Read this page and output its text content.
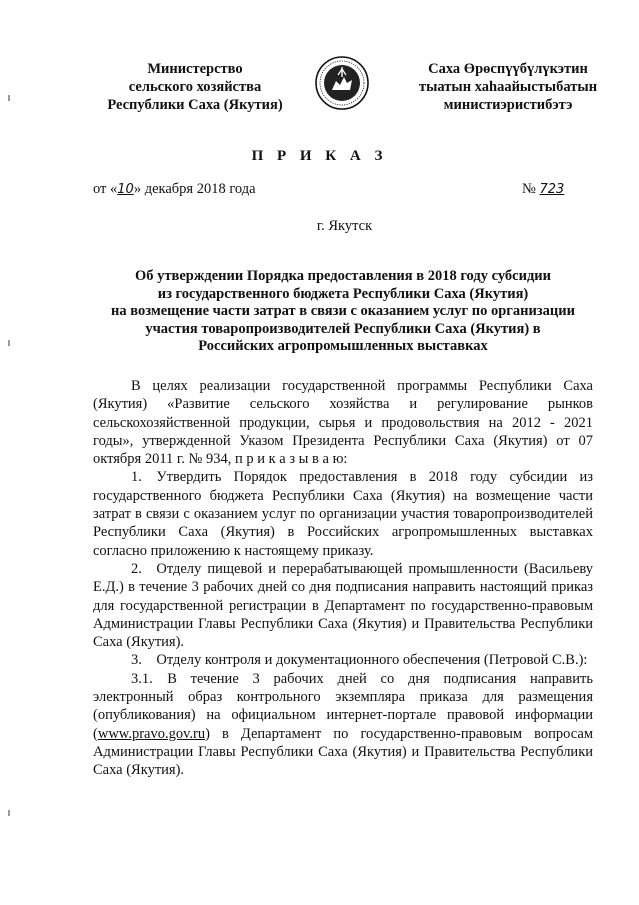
Министерство
сельского хозяйства
Республики Саха (Якутия)
Саха Өрөспүүбүлүкэтин
тыатын хаһаайыстыбатын
министиэристибэтэ
П Р И К А З
от «10» декабря 2018 года	№ 723
г. Якутск
Об утверждении Порядка предоставления в 2018 году субсидии
из государственного бюджета Республики Саха (Якутия)
на возмещение части затрат в связи с оказанием услуг по организации
участия товаропроизводителей Республики Саха (Якутия) в
Российских агропромышленных выставках

В целях реализации государственной программы Республики Саха (Якутия) «Развитие сельского хозяйства и регулирование рынков сельскохозяйственной продукции, сырья и продовольствия на 2012 - 2021 годы», утвержденной Указом Президента Республики Саха (Якутия) от 07 октября 2011 г. № 934, п р и к а з ы в а ю:

1. Утвердить Порядок предоставления в 2018 году субсидии из государственного бюджета Республики Саха (Якутия) на возмещение части затрат в связи с оказанием услуг по организации участия товаропроизводителей Республики Саха (Якутия) в Российских агропромышленных выставках согласно приложению к настоящему приказу.

2. Отделу пищевой и перерабатывающей промышленности (Васильеву Е.Д.) в течение 3 рабочих дней со дня подписания направить настоящий приказ для государственной регистрации в Департамент по государственно-правовым Администрации Главы Республики Саха (Якутия) и Правительства Республики Саха (Якутия).

3. Отделу контроля и документационного обеспечения (Петровой С.В.):

3.1. В течение 3 рабочих дней со дня подписания направить электронный образ контрольного экземпляра приказа для размещения (опубликования) на официальном интернет-портале правовой информации (www.pravo.gov.ru) в Департамент по государственно-правовым вопросам Администрации Главы Республики Саха (Якутия) и Правительства Республики Саха (Якутия).
